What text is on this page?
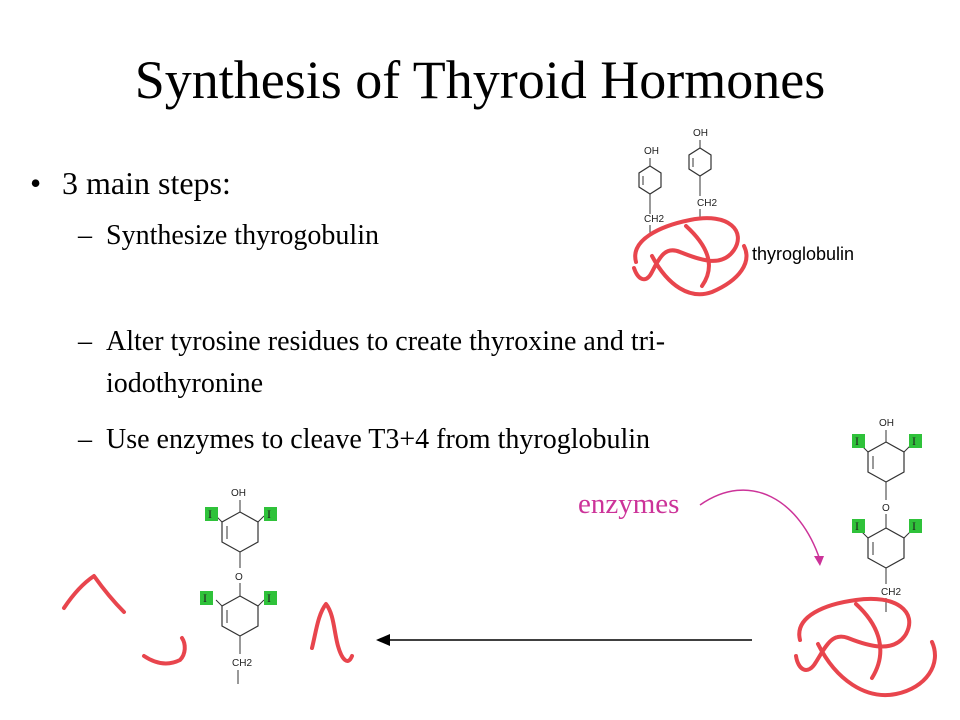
Synthesis of Thyroid Hormones
• 3 main steps:
– Synthesize thyrogobulin
– Alter tyrosine residues to create thyroxine and tri-
iodothyronine
– Use enzymes to cleave T3+4 from thyroglobulin
thyroglobulin
enzymes
OH
CH2
OH
CH2
OH
I	I
O
I	I
CH2
OH
I	I
O
I	I
CH2
